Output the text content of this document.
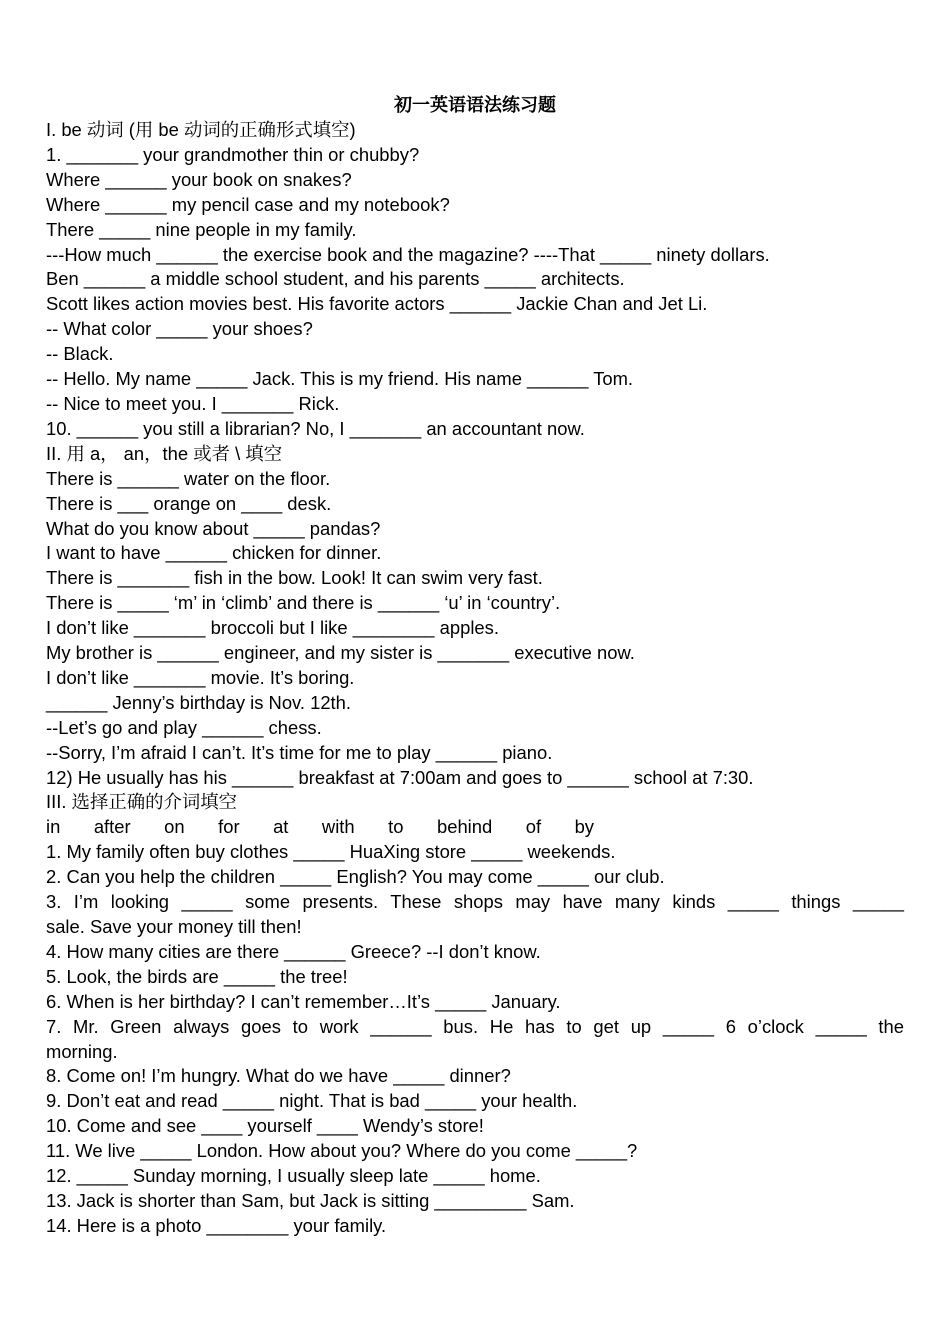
初一英语语法练习题
I. be 动词 (用 be 动词的正确形式填空)
1. _______ your grandmother thin or chubby?
Where ______ your book on snakes?
Where ______ my pencil case and my notebook?
There _____ nine people in my family.
---How much ______ the exercise book and the magazine? ----That _____ ninety dollars.
Ben ______ a middle school student, and his parents _____ architects.
Scott likes action movies best. His favorite actors ______ Jackie Chan and Jet Li.
-- What color _____ your shoes?
-- Black.
-- Hello. My name _____ Jack. This is my friend. His name ______ Tom.
-- Nice to meet you. I _______ Rick.
10. ______ you still a librarian? No, I _______ an accountant now.
II. 用 a， an，the 或者 \ 填空
There is ______ water on the floor.
There is ___ orange on ____ desk.
What do you know about _____ pandas?
I want to have ______ chicken for dinner.
There is _______ fish in the bow. Look! It can swim very fast.
There is _____ ‘m’ in ‘climb’ and there is ______ ‘u’ in ‘country’.
I don’t like _______ broccoli but I like ________ apples.
My brother is ______ engineer, and my sister is _______ executive now.
I don’t like _______ movie. It’s boring.
______ Jenny’s birthday is Nov. 12th.
--Let’s go and play ______ chess.
--Sorry, I’m afraid I can’t. It’s time for me to play ______ piano.
12) He usually has his ______ breakfast at 7:00am and goes to ______ school at 7:30.
III. 选择正确的介词填空
in after on for at with to behind of by
1. My family often buy clothes _____ HuaXing store _____ weekends.
2. Can you help the children _____ English? You may come _____ our club.
3. I’m looking _____ some presents. These shops may have many kinds _____ things _____
sale. Save your money till then!
4. How many cities are there ______ Greece? --I don’t know.
5. Look, the birds are _____ the tree!
6. When is her birthday? I can’t remember…It’s _____ January.
7. Mr. Green always goes to work ______ bus. He has to get up _____ 6 o’clock _____ the
morning.
8. Come on! I’m hungry. What do we have _____ dinner?
9. Don’t eat and read _____ night. That is bad _____ your health.
10. Come and see ____ yourself ____ Wendy’s store!
11. We live _____ London. How about you? Where do you come _____?
12. _____ Sunday morning, I usually sleep late _____ home.
13. Jack is shorter than Sam, but Jack is sitting _________ Sam.
14. Here is a photo ________ your family.
